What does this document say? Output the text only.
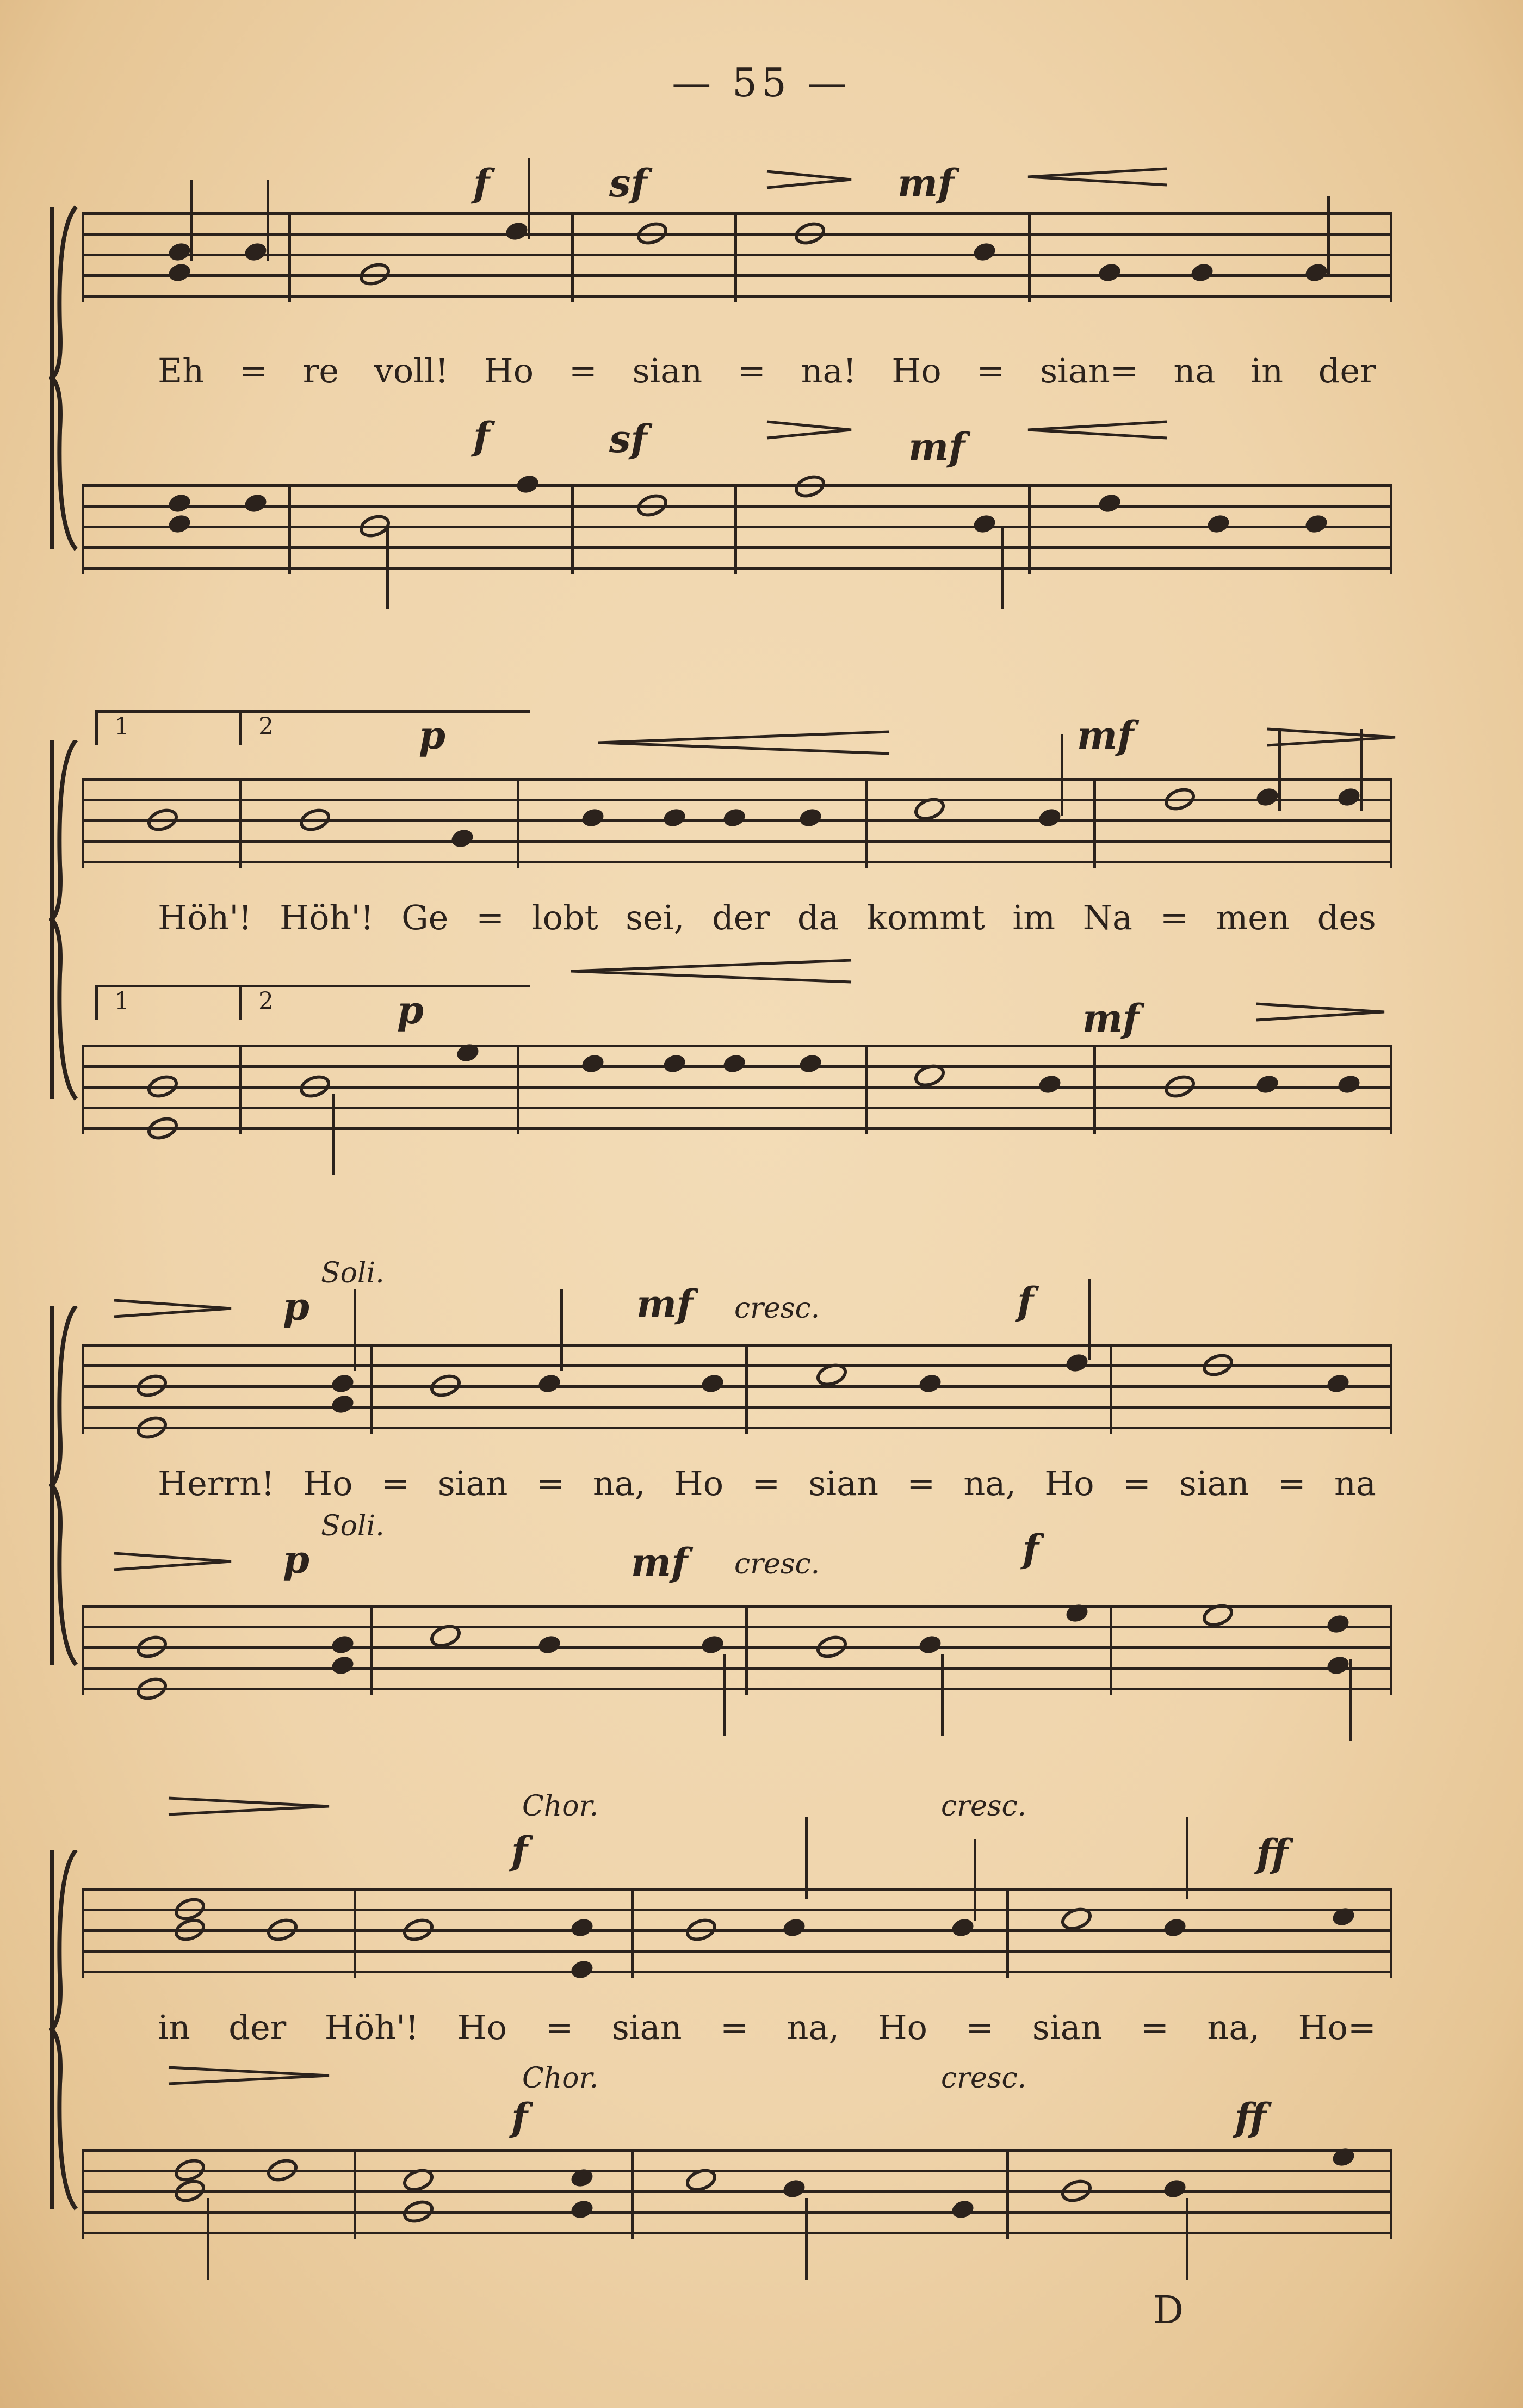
— 55 —
f	sf	mf
Eh = re voll! Ho = sian = na! Ho = sian= na in der
f	sf	mf
1	2	p	mf
Höh'! Höh'! Ge = lobt sei, der da kommt im Na = men des
1	2	p	mf
p
Soli.
mf cresc.	f
Herrn! Ho = sian = na, Ho = sian = na, Ho = sian = na
p
Soli.
mf cresc.	f
Chor.	cresc.
f	ff
in der Höh'! Ho = sian = na, Ho = sian = na, Ho=
Chor.	cresc.
f	ff
D
